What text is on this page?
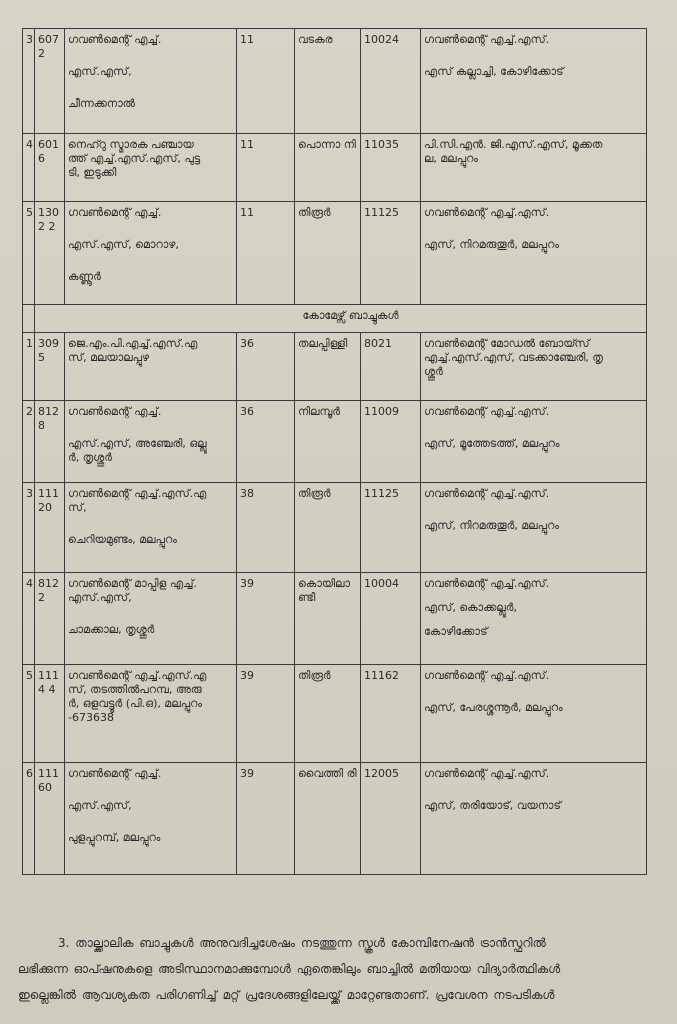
3	607 2	ഗവൺമെന്റ് എച്ച്.
എസ്.എസ്,
ചീന്നക്കനാൽ	11	വടകര	10024	ഗവൺമെന്റ് എച്ച്.എസ്.
എസ് കല്ലാച്ചി, കോഴിക്കോട്

4	6016	നെഹ്റു സ്മാരക പഞ്ചായ
ത്ത് എച്ച്.എസ്.എസ്, പുട്ട
ടി, ഇടുക്കി	11	പൊന്നാ നി	11035	പി.സി.എൻ. ജി.എസ്.എസ്, മൂക്കത
ല, മലപ്പുറം

5	1302 2	ഗവൺമെന്റ് എച്ച്.
എസ്.എസ്, മൊറാഴ,
കണ്ണൂർ	11	തിരൂർ	11125	ഗവൺമെന്റ് എച്ച്.എസ്.
എസ്, നിറമരുതൂർ, മലപ്പുറം

	കോമേഴ്സ് ബാച്ചുകൾ					
1	309 5	ജെ.എം.പി.എച്ച്.എസ്.എ
സ്, മലയാലപ്പുഴ	36	തലപ്പിള്ളി	8021	ഗവൺമെന്റ് മോഡൽ ബോയ്സ്
എച്ച്.എസ്.എസ്, വടക്കാഞ്ചേരി, തൃ
ശ്ശൂർ

2	8128	ഗവൺമെന്റ് എച്ച്.
എസ്.എസ്, അഞ്ചേരി, ഒല്ലൂ
ർ, തൃശ്ശൂർ	36	നിലമ്പൂർ	11009	ഗവൺമെന്റ് എച്ച്.എസ്.
എസ്, മൂത്തേടത്ത്, മലപ്പുറം

3	11120	ഗവൺമെന്റ് എച്ച്.എസ്.എ
സ്,
ചെറിയമുണ്ടം, മലപ്പുറം	38	തിരൂർ	11125	ഗവൺമെന്റ് എച്ച്.എസ്.
എസ്, നിറമരുതൂർ, മലപ്പുറം

4	8122	ഗവൺമെന്റ് മാപ്പിള എച്ച്.
എസ്.എസ്,
ചാമക്കാല, തൃശ്ശൂർ	39	കൊയിലാ ണ്ടി	10004	ഗവൺമെന്റ് എച്ച്.എസ്.
എസ്, കൊക്കല്ലൂർ,
കോഴിക്കോട്

5	1114 4	ഗവൺമെന്റ് എച്ച്.എസ്.എ
സ്, തടത്തിൽപറമ്പ, അരു
ർ, ഒളവട്ടൂർ (പി.ഒ), മലപ്പുറം
-673638	39	തിരൂർ	11162	ഗവൺമെന്റ് എച്ച്.എസ്.
എസ്, പേരശ്ശന്നൂർ, മലപ്പുറം

6	111 60	ഗവൺമെന്റ് എച്ച്.
എസ്.എസ്,
പുളപ്പുറമ്പ്, മലപ്പുറം	39	വൈത്തി രി	12005	ഗവൺമെന്റ് എച്ച്.എസ്.
എസ്, തരിയോട്, വയനാട്
3. താല്ക്കാലിക ബാച്ചുകൾ അനുവദിച്ചശേഷം നടത്തുന്ന സ്കൂൾ കോമ്പിനേഷൻ ട്രാൻസ്ഫറിൽ
ലഭിക്കുന്ന ഓപ്ഷനുകളെ അടിസ്ഥാനമാക്കുമ്പോൾ ഏതെങ്കിലും ബാച്ചിൽ മതിയായ വിദ്യാർത്ഥികൾ
ഇല്ലെങ്കിൽ ആവശ്യകത പരിഗണിച്ച് മറ്റ് പ്രദേശങ്ങളിലേയ്ക്ക് മാറ്റേണ്ടതാണ്. പ്രവേശന നടപടികൾ
